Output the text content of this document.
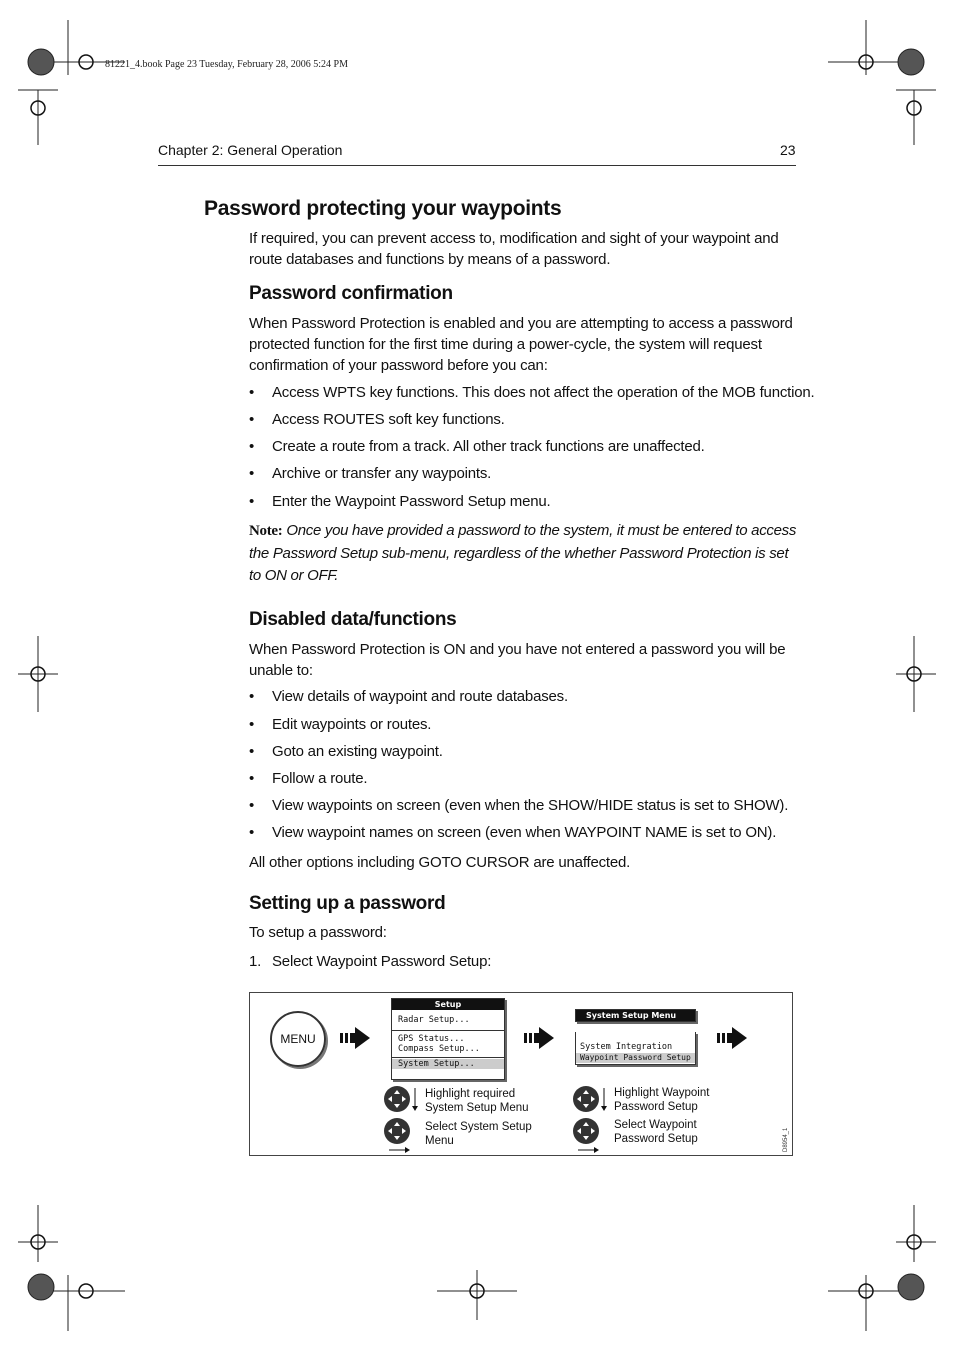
81221_4.book Page 23 Tuesday, February 28, 2006 5:24 PM
Chapter 2: General Operation	23
Password protecting your waypoints

If required, you can prevent access to, modification and sight of your waypoint and route databases and functions by means of a password.

Password confirmation

When Password Protection is enabled and you are attempting to access a password protected function for the first time during a power-cycle, the system will request confirmation of your password before you can:

• Access WPTS key functions. This does not affect the operation of the MOB function.
• Access ROUTES soft key functions.
• Create a route from a track. All other track functions are unaffected.
• Archive or transfer any waypoints.
• Enter the Waypoint Password Setup menu.
Note: Once you have provided a password to the system, it must be entered to access the Password Setup sub-menu, regardless of the whether Password Protection is set to ON or OFF.
Disabled data/functions

When Password Protection is ON and you have not entered a password you will be unable to:

• View details of waypoint and route databases.
• Edit waypoints or routes.
• Goto an existing waypoint.
• Follow a route.
• View waypoints on screen (even when the SHOW/HIDE status is set to SHOW).
• View waypoint names on screen (even when WAYPOINT NAME is set to ON).

All other options including GOTO CURSOR are unaffected.

Setting up a password

To setup a password:

1. Select Waypoint Password Setup:
MENU
Setup
Radar Setup...
GPS Status...
Compass Setup...
System Setup...
System Setup Menu
System Integration
Waypoint Password Setup
Highlight required System Setup Menu
Select System Setup Menu
Highlight Waypoint Password Setup
Select Waypoint Password Setup	D8954_1
